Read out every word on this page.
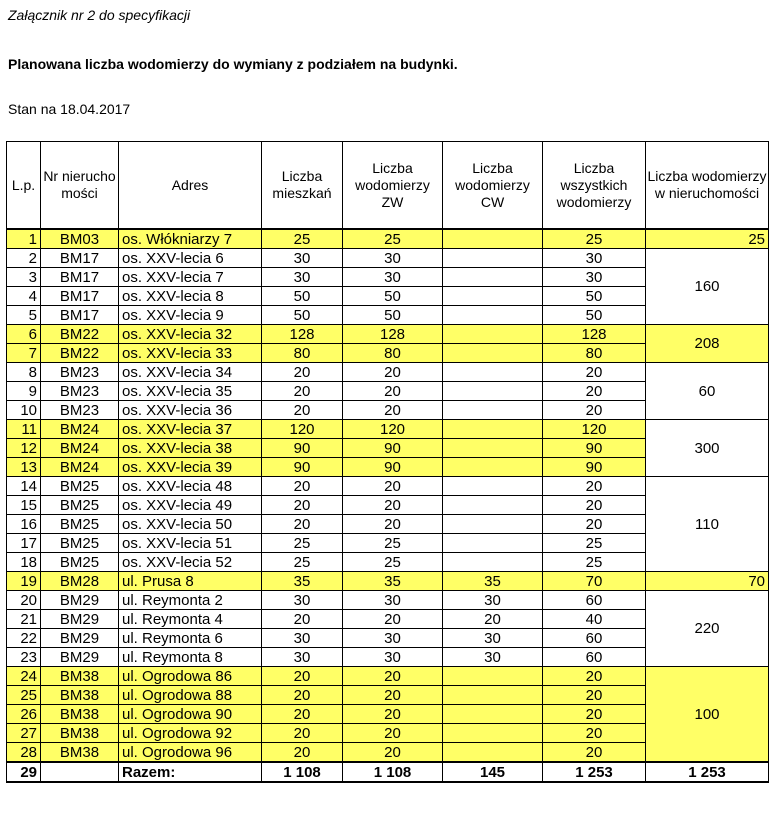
Załącznik nr 2 do specyfikacji
Planowana liczba wodomierzy do wymiany z podziałem na budynki.
Stan na 18.04.2017
L.p.	Nr nierucho mości	Adres	Liczba mieszkań	Liczba wodomierzy ZW	Liczba wodomierzy CW	Liczba wszystkich wodomierzy	Liczba wodomierzy w nieruchomości
1	BM03	os. Włókniarzy 7	25	25		25	25
2	BM17	os. XXV-lecia 6	30	30		30	160
3	BM17	os. XXV-lecia 7	30	30		30	
4	BM17	os. XXV-lecia 8	50	50		50	
5	BM17	os. XXV-lecia 9	50	50		50	
6	BM22	os. XXV-lecia 32	128	128		128	208
7	BM22	os. XXV-lecia 33	80	80		80	
8	BM23	os. XXV-lecia 34	20	20		20	60
9	BM23	os. XXV-lecia 35	20	20		20	
10	BM23	os. XXV-lecia 36	20	20		20	
11	BM24	os. XXV-lecia 37	120	120		120	300
12	BM24	os. XXV-lecia 38	90	90		90	
13	BM24	os. XXV-lecia 39	90	90		90	
14	BM25	os. XXV-lecia 48	20	20		20	110
15	BM25	os. XXV-lecia 49	20	20		20	
16	BM25	os. XXV-lecia 50	20	20		20	
17	BM25	os. XXV-lecia 51	25	25		25	
18	BM25	os. XXV-lecia 52	25	25		25	
19	BM28	ul. Prusa 8	35	35	35	70	70
20	BM29	ul. Reymonta 2	30	30	30	60	220
21	BM29	ul. Reymonta 4	20	20	20	40	
22	BM29	ul. Reymonta 6	30	30	30	60	
23	BM29	ul. Reymonta 8	30	30	30	60	
24	BM38	ul. Ogrodowa 86	20	20		20	100
25	BM38	ul. Ogrodowa 88	20	20		20	
26	BM38	ul. Ogrodowa 90	20	20		20	
27	BM38	ul. Ogrodowa 92	20	20		20	
28	BM38	ul. Ogrodowa 96	20	20		20	
29		Razem:	1 108	1 108	145	1 253	1 253
